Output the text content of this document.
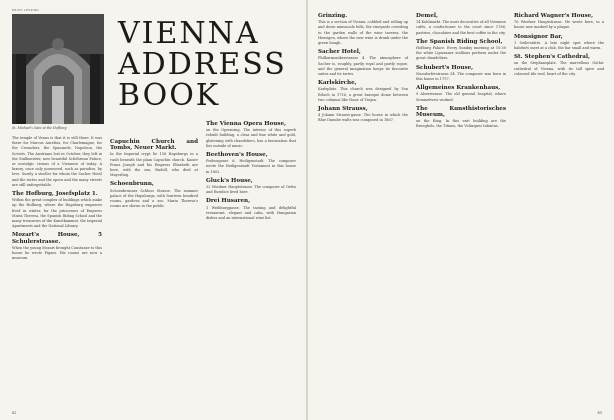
ERICH LESSING
St. Michael's Gate at the Hofburg
VIENNA
ADDRESS
BOOK

The temple of Venus is that it is still there. It was there for Marcus Aurelius, for Charlemagne, for the Crusaders, the Spaniards, Napoleon, the Soviets. The Austrians lost in October, they left in the Stallmeister, now beautiful Schöbrunn Palace, or nostalgic visions of a Viennese of today. A luxury, once only possessed, such as paradise, by love. Surely a stroller for whom the Sacher Hotel and the tortes and the opera and the many streets are still unforgettable.

The Hofburg, Josefsplatz 1.

Within the great complex of buildings which make up the Hofburg, where the Hapsburg emperors lived in winter, for the princesses of Empress Maria Theresa, the Spanish Riding School and the many treasuries of the Kunstkammer, the Imperial Apartments and the National Library.

Mozart's House, 5 Schulerstrasse.

When the young Mozart brought Constanze to this house he wrote Figaro. His rooms are now a museum.

Capuchin Church and Tombs, Neuer Markt.

In the Imperial crypt lie 138 Hapsburgs in a vault beneath the plain Capuchin church. Kaiser Franz Joseph and his Empress Elisabeth are here, with the son, Rudolf, who died at Mayerling.

Schoenbrunn,

Schoenbrunner Schloss Strasse. The summer palace of the Hapsburgs, with fourteen hundred rooms, gardens and a zoo. Maria Theresa's rooms are shown to the public.

The Vienna Opera House,

on the Opernring. The interior of this superb rebuilt building, a clear and fine white and gold, glistening with chandeliers, has a fascination that lies outside of music.

Beethoven's House,

Probusgasse 6, Heiligenstadt. The composer wrote the Heiligenstadt Testament in this house in 1802.

Gluck's House,

32 Wiedner Hauptstrasse. The composer of Orfeo and Euridice lived here.

Drei Husaren,

1 Weihburggasse. The tasting and delightful restaurant, elegant and calm, with Hungarian dishes and an international wine list.

82
Grinzing.

This is a section of Vienna, cobbled and rolling up and down minuscule hills, the vineyards crowding to the garden walls of the wine taverns, the Heurigen, where the new wine is drunk under the green bough.

Sacher Hotel,

Philharmonikerstrasse 4. The atmosphere of Sacher is, roughly, partly royal and partly rogue, and the general imagination keeps its favourite suites and its tortes.

Karlskirche,

Karlsplatz. This church was designed by Von Erlach in 1716, a great baroque dome between two columns like those of Trajan.

Johann Strauss,

4 Johann Strauss-gasse. The house in which the Blue Danube waltz was composed in 1867.

Demel,

14 Kohlmarkt. The most decorative of all Viennese cafés, a confectioner to the court since 1786; pastries, chocolates and the best coffee in the city.

The Spanish Riding School,

Hofburg Palace. Every Sunday morning at 10:30 the white Lipizzaner stallions perform under the great chandeliers.

Schubert's House,

Nussdorferstrasse 54. The composer was born in this house in 1797.

Allgemeines Krankenhaus,

9 Alserstrasse. The old general hospital, where Semmelweis worked.

The Kunsthistorisches Museum,

on the Ring. In this vast building are the Brueghels, the Titians, the Velázquez Infantas.

Richard Wagner's House,

76 Wiedner Hauptstrasse. He wrote here, in a house now marked by a plaque.

Monsignor Bar,

1 Seilerstätte. A late night spot where the habitués meet at a club, the bar small and warm.

St. Stephen's Cathedral,

on the Stephansplatz. The marvellous Gothic cathedral of Vienna, with its tall spire and coloured tile roof, heart of the city.

83
